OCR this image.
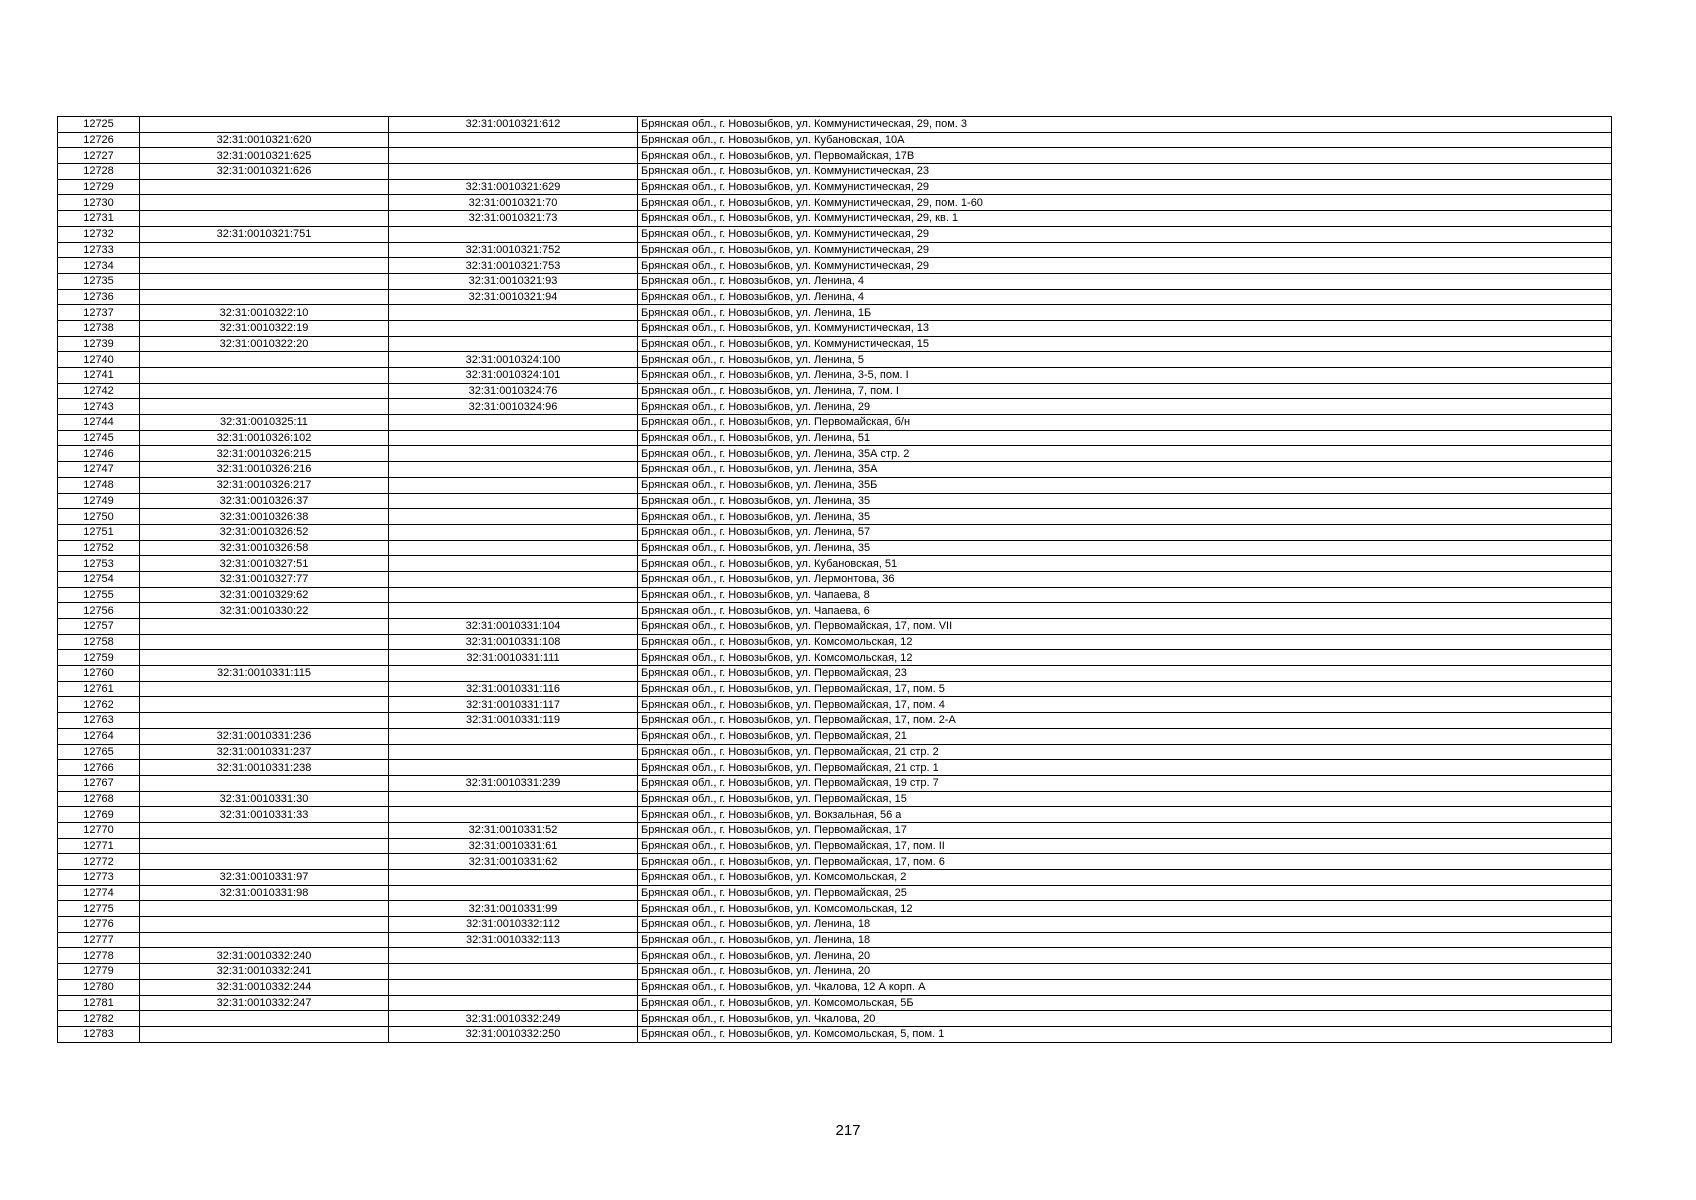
12725		32:31:0010321:612	Брянская обл., г. Новозыбков, ул. Коммунистическая, 29, пом. 3
12726	32:31:0010321:620		Брянская обл., г. Новозыбков, ул. Кубановская, 10А
12727	32:31:0010321:625		Брянская обл., г. Новозыбков, ул. Первомайская, 17В
12728	32:31:0010321:626		Брянская обл., г. Новозыбков, ул. Коммунистическая, 23
12729		32:31:0010321:629	Брянская обл., г. Новозыбков, ул. Коммунистическая, 29
12730		32:31:0010321:70	Брянская обл., г. Новозыбков, ул. Коммунистическая, 29, пом. 1-60
12731		32:31:0010321:73	Брянская обл., г. Новозыбков, ул. Коммунистическая, 29, кв. 1
12732	32:31:0010321:751		Брянская обл., г. Новозыбков, ул. Коммунистическая, 29
12733		32:31:0010321:752	Брянская обл., г. Новозыбков, ул. Коммунистическая, 29
12734		32:31:0010321:753	Брянская обл., г. Новозыбков, ул. Коммунистическая, 29
12735		32:31:0010321:93	Брянская обл., г. Новозыбков, ул. Ленина, 4
12736		32:31:0010321:94	Брянская обл., г. Новозыбков, ул. Ленина, 4
12737	32:31:0010322:10		Брянская обл., г. Новозыбков, ул. Ленина, 1Б
12738	32:31:0010322:19		Брянская обл., г. Новозыбков, ул. Коммунистическая, 13
12739	32:31:0010322:20		Брянская обл., г. Новозыбков, ул. Коммунистическая, 15
12740		32:31:0010324:100	Брянская обл., г. Новозыбков, ул. Ленина, 5
12741		32:31:0010324:101	Брянская обл., г. Новозыбков, ул. Ленина, 3-5, пом. I
12742		32:31:0010324:76	Брянская обл., г. Новозыбков, ул. Ленина, 7, пом. I
12743		32:31:0010324:96	Брянская обл., г. Новозыбков, ул. Ленина, 29
12744	32:31:0010325:11		Брянская обл., г. Новозыбков, ул. Первомайская, б/н
12745	32:31:0010326:102		Брянская обл., г. Новозыбков, ул. Ленина, 51
12746	32:31:0010326:215		Брянская обл., г. Новозыбков, ул. Ленина, 35А стр. 2
12747	32:31:0010326:216		Брянская обл., г. Новозыбков, ул. Ленина, 35А
12748	32:31:0010326:217		Брянская обл., г. Новозыбков, ул. Ленина, 35Б
12749	32:31:0010326:37		Брянская обл., г. Новозыбков, ул. Ленина, 35
12750	32:31:0010326:38		Брянская обл., г. Новозыбков, ул. Ленина, 35
12751	32:31:0010326:52		Брянская обл., г. Новозыбков, ул. Ленина, 57
12752	32:31:0010326:58		Брянская обл., г. Новозыбков, ул. Ленина, 35
12753	32:31:0010327:51		Брянская обл., г. Новозыбков, ул. Кубановская, 51
12754	32:31:0010327:77		Брянская обл., г. Новозыбков, ул. Лермонтова, 36
12755	32:31:0010329:62		Брянская обл., г. Новозыбков, ул. Чапаева, 8
12756	32:31:0010330:22		Брянская обл., г. Новозыбков, ул. Чапаева, 6
12757		32:31:0010331:104	Брянская обл., г. Новозыбков, ул. Первомайская, 17, пом. VII
12758		32:31:0010331:108	Брянская обл., г. Новозыбков, ул. Комсомольская, 12
12759		32:31:0010331:111	Брянская обл., г. Новозыбков, ул. Комсомольская, 12
12760	32:31:0010331:115		Брянская обл., г. Новозыбков, ул. Первомайская, 23
12761		32:31:0010331:116	Брянская обл., г. Новозыбков, ул. Первомайская, 17, пом. 5
12762		32:31:0010331:117	Брянская обл., г. Новозыбков, ул. Первомайская, 17, пом. 4
12763		32:31:0010331:119	Брянская обл., г. Новозыбков, ул. Первомайская, 17, пом. 2-А
12764	32:31:0010331:236		Брянская обл., г. Новозыбков, ул. Первомайская, 21
12765	32:31:0010331:237		Брянская обл., г. Новозыбков, ул. Первомайская, 21 стр. 2
12766	32:31:0010331:238		Брянская обл., г. Новозыбков, ул. Первомайская, 21 стр. 1
12767		32:31:0010331:239	Брянская обл., г. Новозыбков, ул. Первомайская, 19 стр. 7
12768	32:31:0010331:30		Брянская обл., г. Новозыбков, ул. Первомайская, 15
12769	32:31:0010331:33		Брянская обл., г. Новозыбков, ул. Вокзальная, 56 а
12770		32:31:0010331:52	Брянская обл., г. Новозыбков, ул. Первомайская, 17
12771		32:31:0010331:61	Брянская обл., г. Новозыбков, ул. Первомайская, 17, пом. II
12772		32:31:0010331:62	Брянская обл., г. Новозыбков, ул. Первомайская, 17, пом. 6
12773	32:31:0010331:97		Брянская обл., г. Новозыбков, ул. Комсомольская, 2
12774	32:31:0010331:98		Брянская обл., г. Новозыбков, ул. Первомайская, 25
12775		32:31:0010331:99	Брянская обл., г. Новозыбков, ул. Комсомольская, 12
12776		32:31:0010332:112	Брянская обл., г. Новозыбков, ул. Ленина, 18
12777		32:31:0010332:113	Брянская обл., г. Новозыбков, ул. Ленина, 18
12778	32:31:0010332:240		Брянская обл., г. Новозыбков, ул. Ленина, 20
12779	32:31:0010332:241		Брянская обл., г. Новозыбков, ул. Ленина, 20
12780	32:31:0010332:244		Брянская обл., г. Новозыбков, ул. Чкалова, 12 А корп. А
12781	32:31:0010332:247		Брянская обл., г. Новозыбков, ул. Комсомольская, 5Б
12782		32:31:0010332:249	Брянская обл., г. Новозыбков, ул. Чкалова, 20
12783		32:31:0010332:250	Брянская обл., г. Новозыбков, ул. Комсомольская, 5, пом. 1
217
